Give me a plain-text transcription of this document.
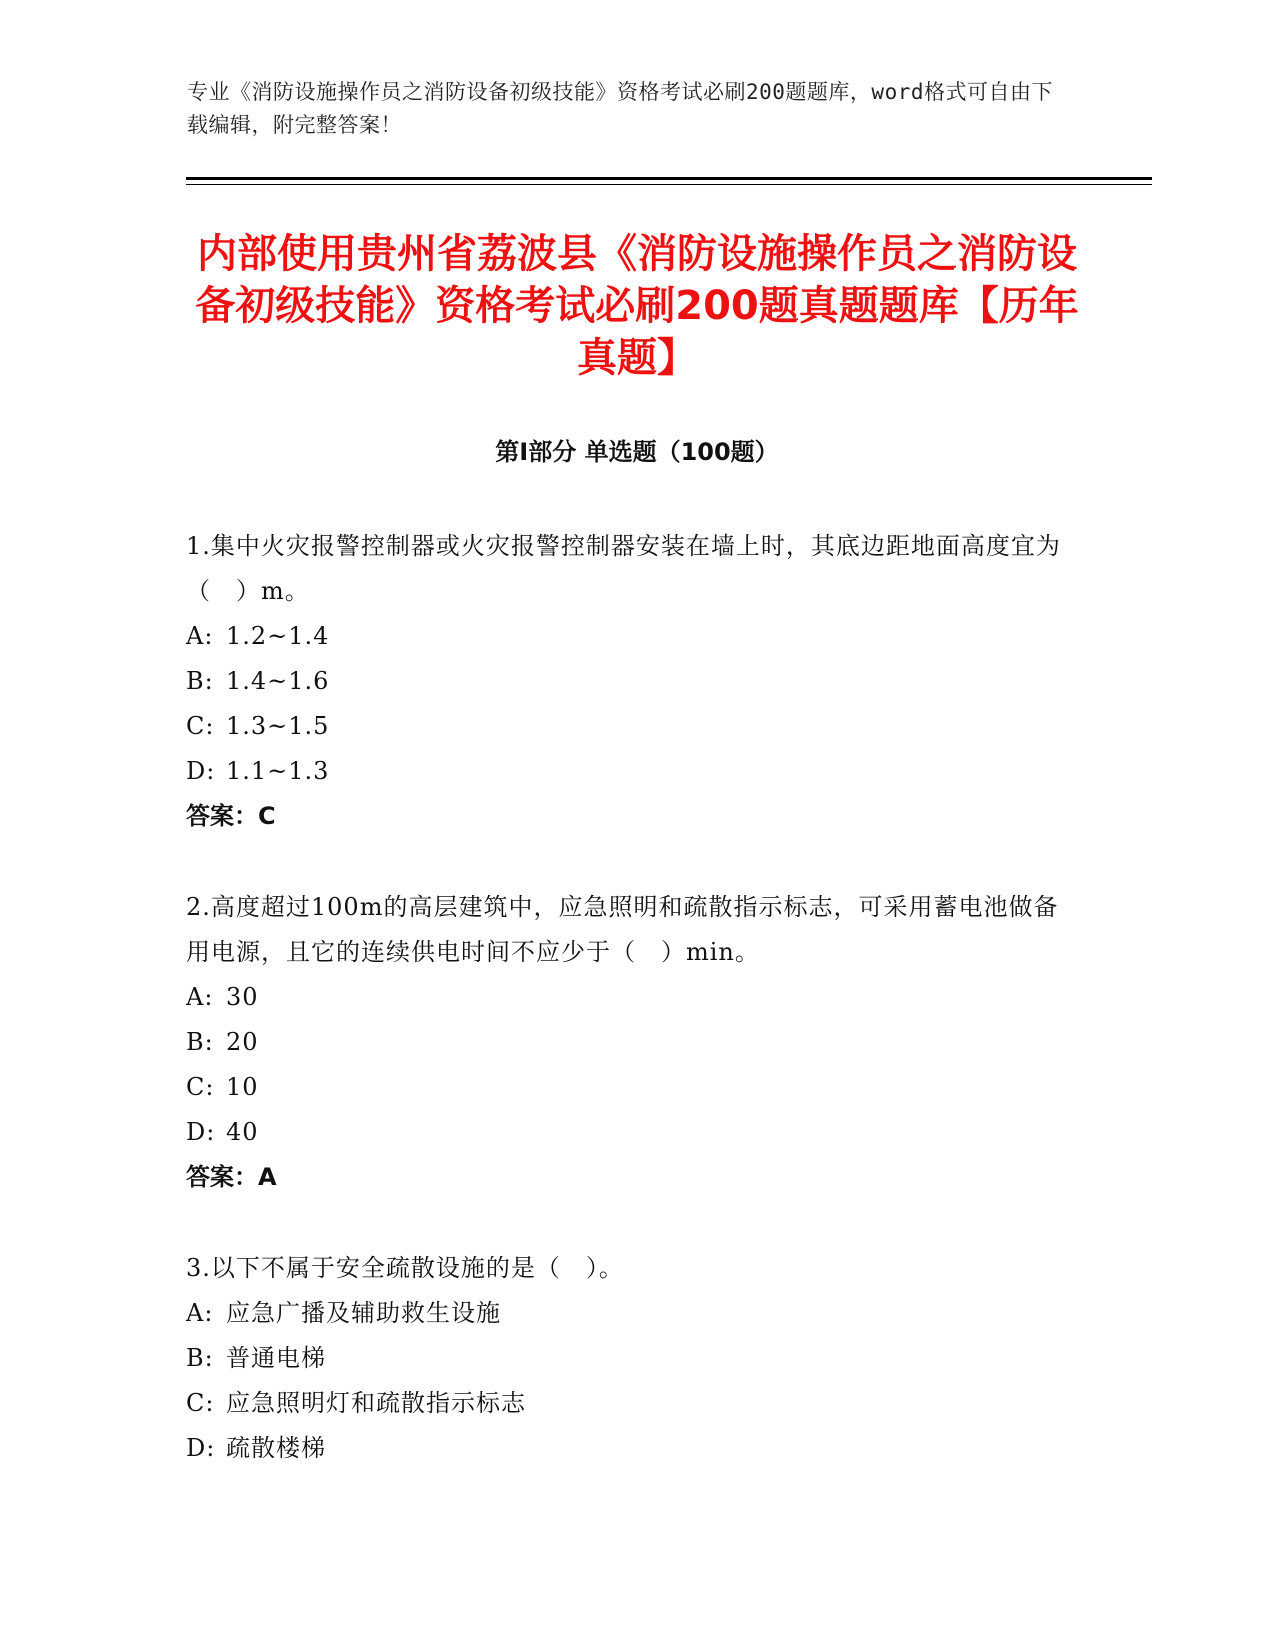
专业《消防设施操作员之消防设备初级技能》资格考试必刷200题题库，word格式可自由下载编辑，附完整答案！
内部使用贵州省荔波县《消防设施操作员之消防设备初级技能》资格考试必刷200题真题题库【历年真题】
第Ⅰ部分 单选题（100题）
1.集中火灾报警控制器或火灾报警控制器安装在墙上时，其底边距地面高度宜为（　）m。
A: 1.2~1.4
B: 1.4~1.6
C: 1.3~1.5
D: 1.1~1.3
答案：C
2.高度超过100m的高层建筑中，应急照明和疏散指示标志，可采用蓄电池做备用电源，且它的连续供电时间不应少于（　）min。
A: 30
B: 20
C: 10
D: 40
答案：A
3.以下不属于安全疏散设施的是（　）。
A: 应急广播及辅助救生设施
B: 普通电梯
C: 应急照明灯和疏散指示标志
D: 疏散楼梯
